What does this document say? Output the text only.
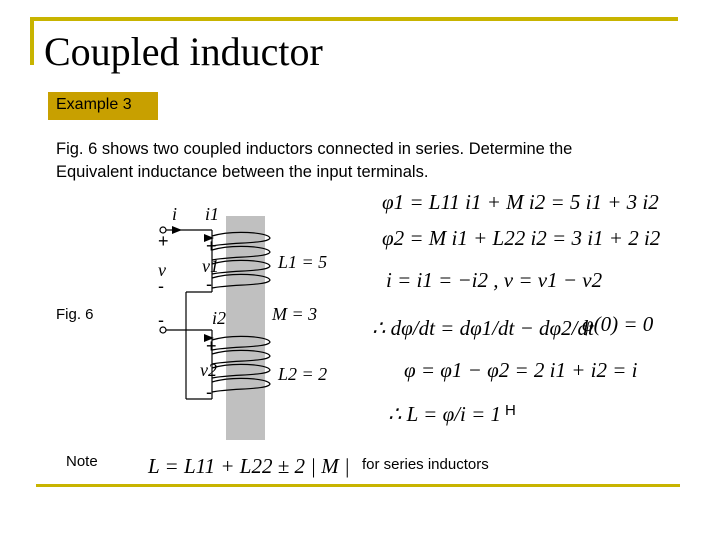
Coupled inductor
Example 3
Fig. 6 shows two coupled inductors connected in series. Determine the
Equivalent inductance between the input terminals.
Fig. 6
Note
H
for series inductors
i i1
i2
v v1
v2
L1 = 5
M = 3
L2 = 2
+
-
+
-
-
+
-
φ1 = L11 i1 + M i2 = 5 i1 + 3 i2
φ2 = M i1 + L22 i2 = 3 i1 + 2 i2
i = i1 = −i2 , v = v1 − v2
∴ dφ/dt = dφ1/dt − dφ2/dt
φ(0) = 0
φ = φ1 − φ2 = 2 i1 + i2 = i
∴ L = φ/i = 1
L = L11 + L22 ± 2 | M |
